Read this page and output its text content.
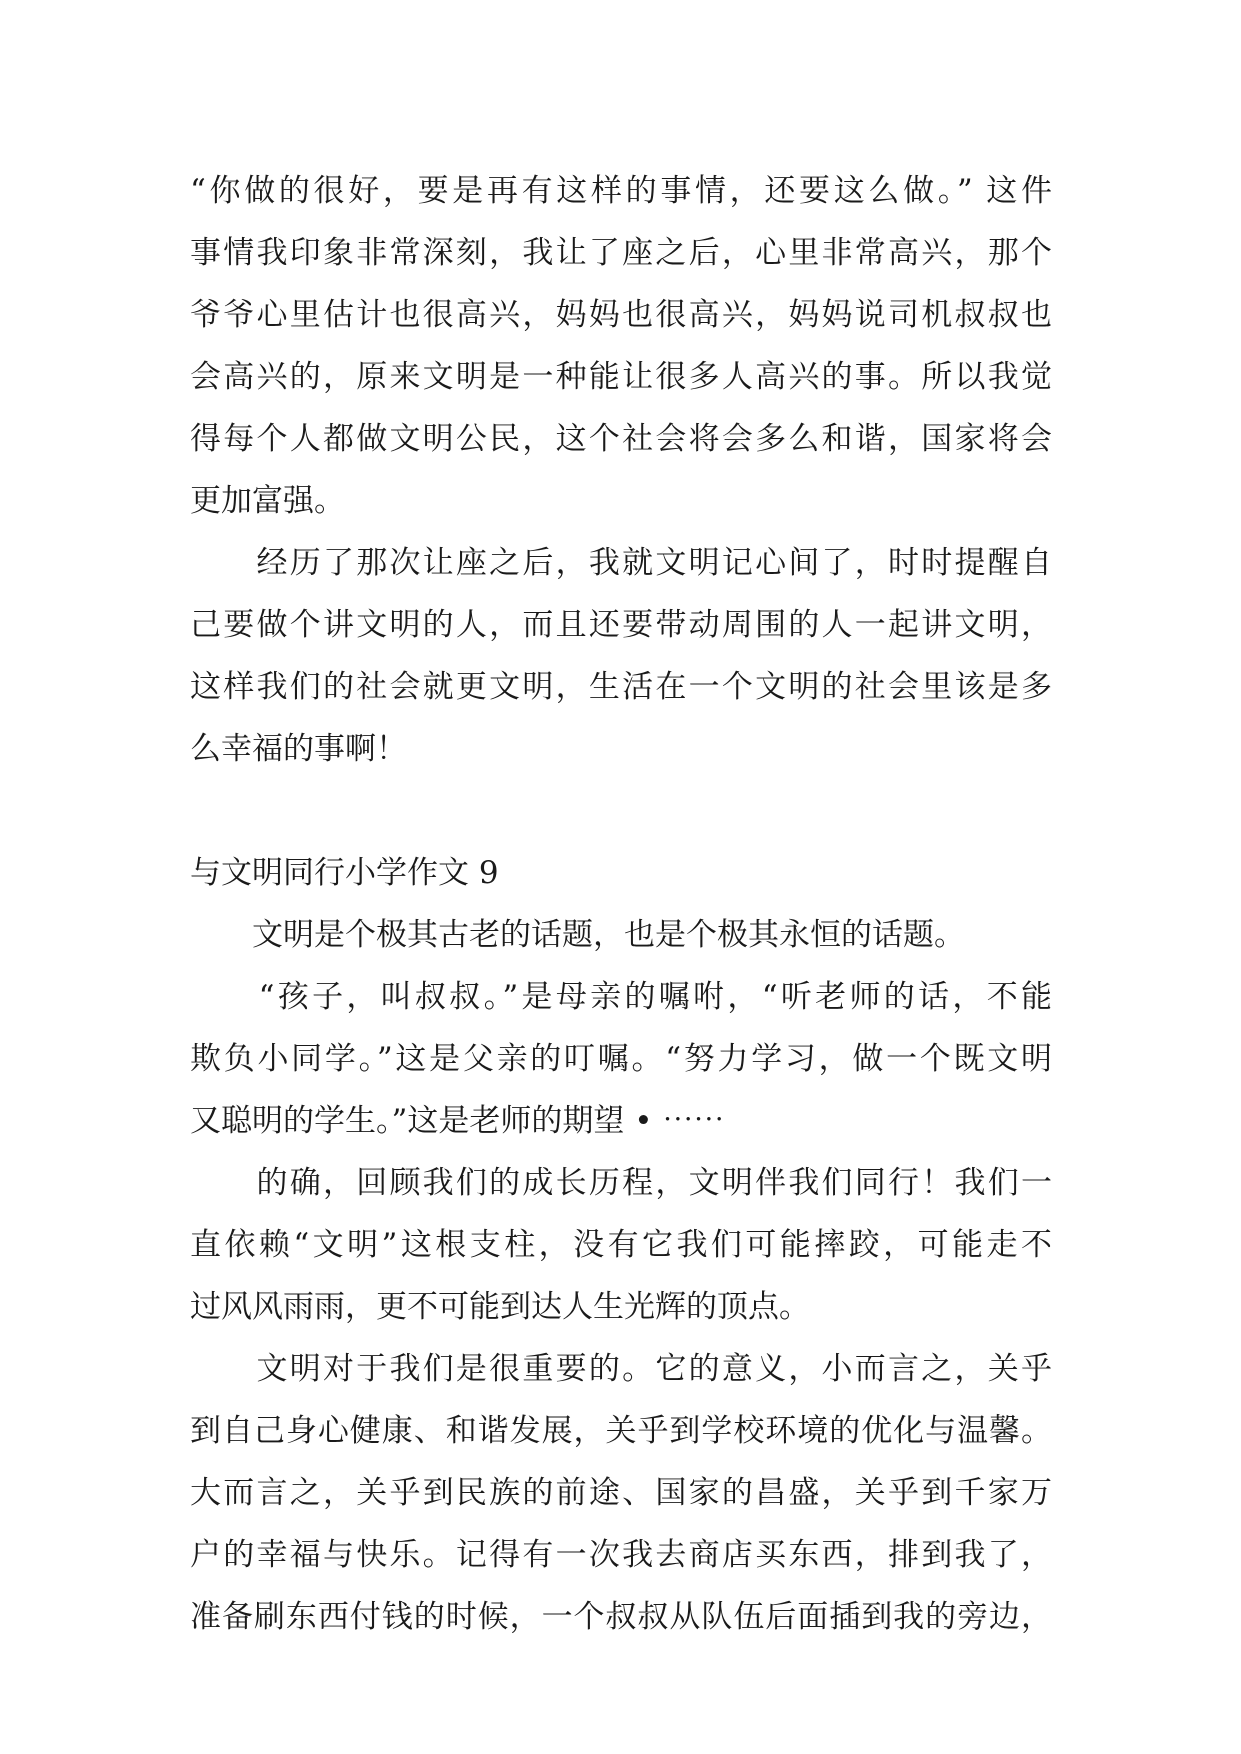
“你做的很好，要是再有这样的事情，还要这么做。” 这件
事情我印象非常深刻，我让了座之后，心里非常高兴，那个
爷爷心里估计也很高兴，妈妈也很高兴，妈妈说司机叔叔也
会高兴的，原来文明是一种能让很多人高兴的事。所以我觉
得每个人都做文明公民，这个社会将会多么和谐，国家将会
更加富强。
　　经历了那次让座之后，我就文明记心间了，时时提醒自
己要做个讲文明的人，而且还要带动周围的人一起讲文明，
这样我们的社会就更文明，生活在一个文明的社会里该是多
么幸福的事啊！
与文明同行小学作文 9
　　文明是个极其古老的话题，也是个极其永恒的话题。
　　“孩子，叫叔叔。”是母亲的嘱咐，“听老师的话，不能
欺负小同学。”这是父亲的叮嘱。“努力学习，做一个既文明
又聪明的学生。”这是老师的期望 • ⋯⋯
　　的确，回顾我们的成长历程，文明伴我们同行！我们一
直依赖“文明”这根支柱，没有它我们可能摔跤，可能走不
过风风雨雨，更不可能到达人生光辉的顶点。
　　文明对于我们是很重要的。它的意义，小而言之，关乎
到自己身心健康、和谐发展，关乎到学校环境的优化与温馨。
大而言之，关乎到民族的前途、国家的昌盛，关乎到千家万
户的幸福与快乐。记得有一次我去商店买东西，排到我了，
准备刷东西付钱的时候，一个叔叔从队伍后面插到我的旁边，
